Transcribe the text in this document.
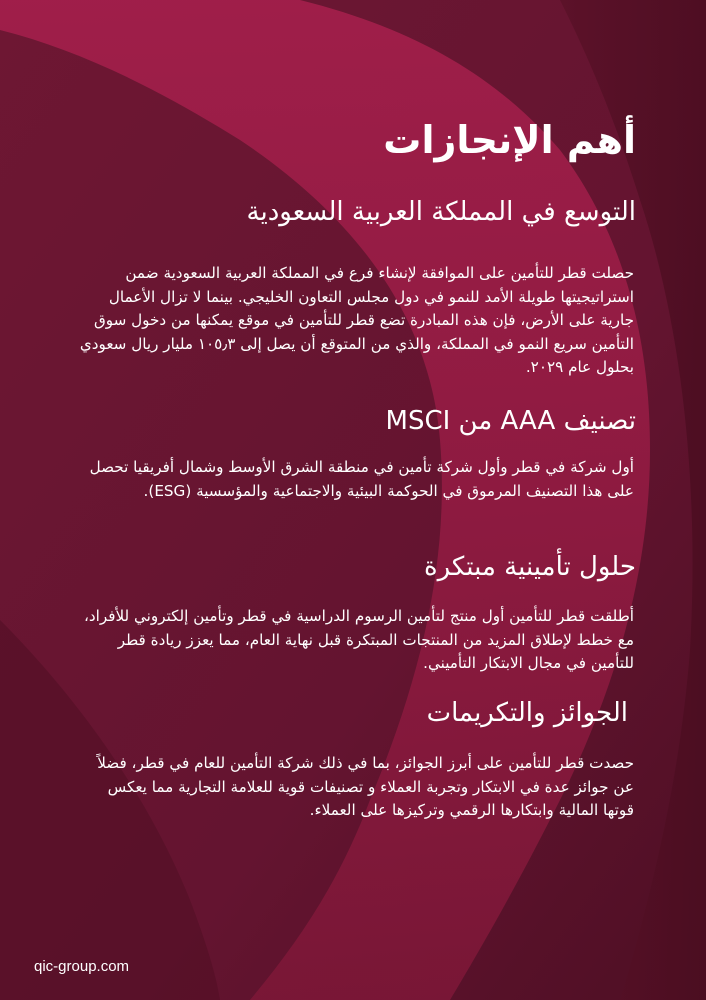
أهم الإنجازات
التوسع في المملكة العربية السعودية

حصلت قطر للتأمين على الموافقة لإنشاء فرع في المملكة العربية السعودية ضمن استراتيجيتها طويلة الأمد للنمو في دول مجلس التعاون الخليجي. بينما لا تزال الأعمال جارية على الأرض، فإن هذه المبادرة تضع قطر للتأمين في موقع يمكنها من دخول سوق التأمين سريع النمو في المملكة، والذي من المتوقع أن يصل إلى ١٠٥٫٣ مليار ريال سعودي بحلول عام ٢٠٢٩.

تصنيف AAA من MSCI

أول شركة في قطر وأول شركة تأمين في منطقة الشرق الأوسط وشمال أفريقيا تحصل على هذا التصنيف المرموق في الحوكمة البيئية والاجتماعية والمؤسسية (ESG).

حلول تأمينية مبتكرة

أطلقت قطر للتأمين أول منتج لتأمين الرسوم الدراسية في قطر وتأمين إلكتروني للأفراد، مع خطط لإطلاق المزيد من المنتجات المبتكرة قبل نهاية العام، مما يعزز ريادة قطر للتأمين في مجال الابتكار التأميني.

الجوائز والتكريمات

حصدت قطر للتأمين على أبرز الجوائز، بما في ذلك شركة التأمين للعام في قطر، فضلاً عن جوائز عدة في الابتكار وتجربة العملاء و تصنيفات قوية للعلامة التجارية مما يعكس قوتها المالية وابتكارها الرقمي وتركيزها على العملاء.

qic-group.com
